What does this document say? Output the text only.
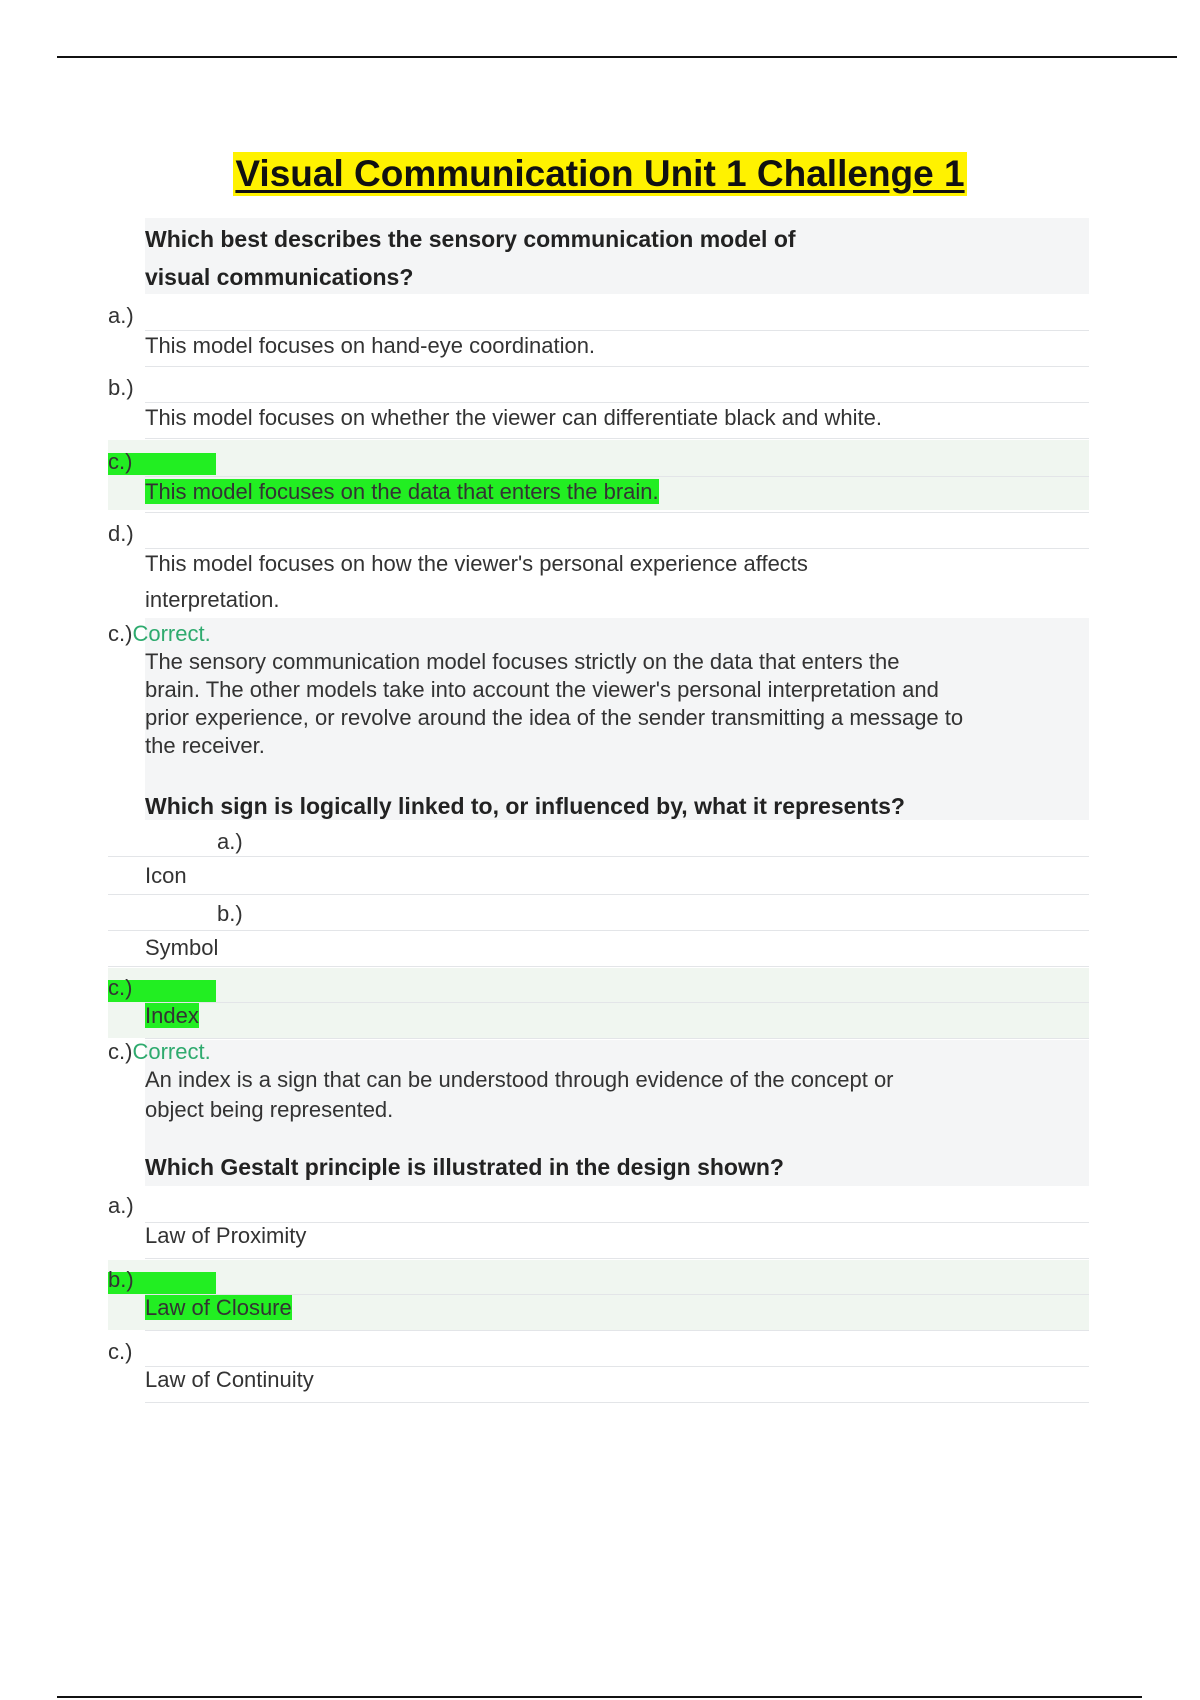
Visual Communication Unit 1 Challenge 1
Which best describes the sensory communication model of
visual communications?
a.)
This model focuses on hand-eye coordination.
b.)
This model focuses on whether the viewer can differentiate black and white.
c.)
This model focuses on the data that enters the brain.
d.)
This model focuses on how the viewer's personal experience affects
interpretation.
c.)Correct.
The sensory communication model focuses strictly on the data that enters the
brain. The other models take into account the viewer's personal interpretation and
prior experience, or revolve around the idea of the sender transmitting a message to
the receiver.
Which sign is logically linked to, or influenced by, what it represents?
a.)
Icon
b.)
Symbol
c.)
Index
c.)Correct.
An index is a sign that can be understood through evidence of the concept or
object being represented.
Which Gestalt principle is illustrated in the design shown?
a.)
Law of Proximity
b.)
Law of Closure
c.)
Law of Continuity
